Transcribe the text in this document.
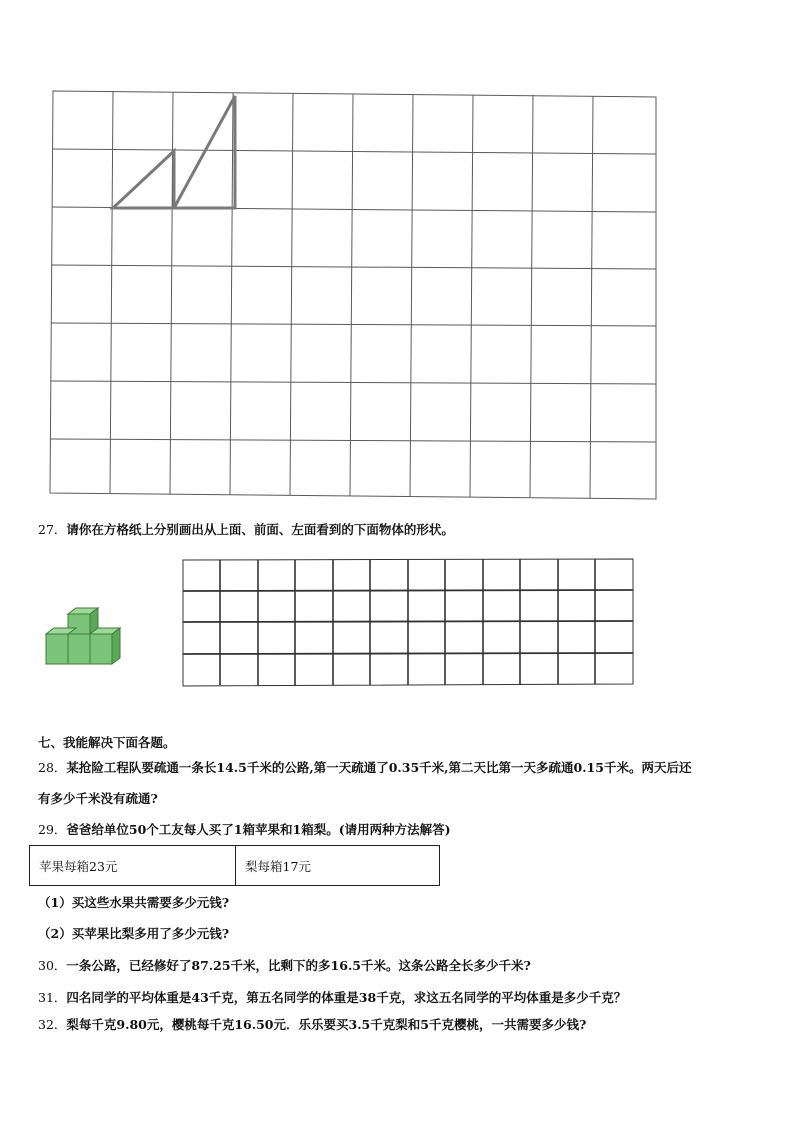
27．请你在方格纸上分别画出从上面、前面、左面看到的下面物体的形状。
七、我能解决下面各题。
28．某抢险工程队要疏通一条长14.5千米的公路,第一天疏通了0.35千米,第二天比第一天多疏通0.15千米。两天后还
有多少千米没有疏通?
29．爸爸给单位50个工友每人买了1箱苹果和1箱梨。(请用两种方法解答)
苹果每箱23元	梨每箱17元
（1）买这些水果共需要多少元钱?
（2）买苹果比梨多用了多少元钱?
30．一条公路，已经修好了87.25千米，比剩下的多16.5千米。这条公路全长多少千米?
31．四名同学的平均体重是43千克，第五名同学的体重是38千克，求这五名同学的平均体重是多少千克？
32．梨每千克9.80元，樱桃每千克16.50元．乐乐要买3.5千克梨和5千克樱桃，一共需要多少钱?
